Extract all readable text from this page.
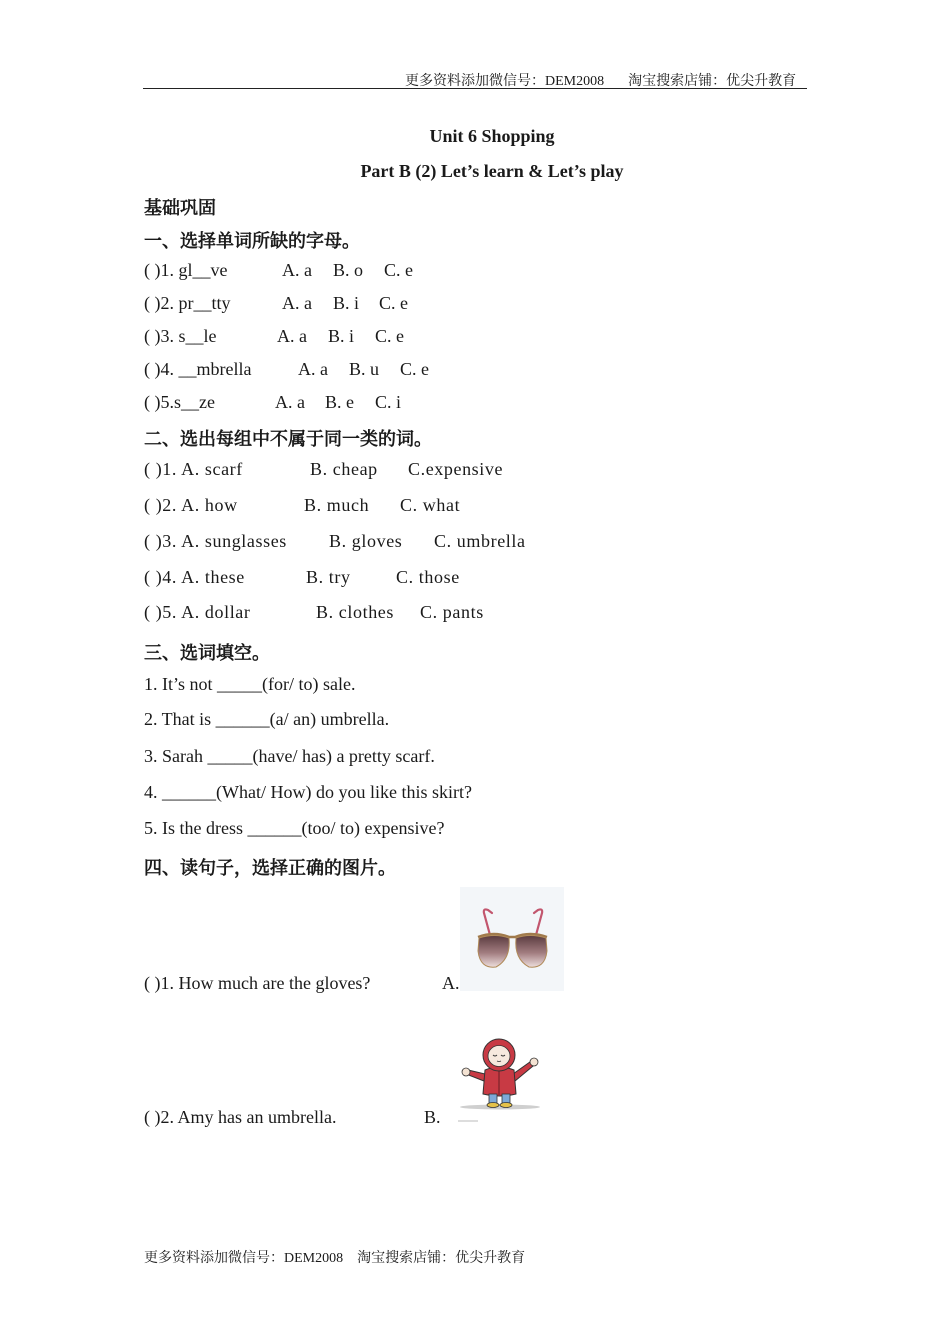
更多资料添加微信号：DEM2008 淘宝搜索店铺：优尖升教育
Unit 6 Shopping
Part B (2) Let’s learn & Let’s play
基础巩固
一、选择单词所缺的字母。
( )1. gl__ve	A. a B. o C. e
( )2. pr__tty	A. a B. i C. e
( )3. s__le	A. a B. i C. e
( )4. __mbrella	A. a B. u C. e
( )5.s__ze	A. a B. e C. i
二、选出每组中不属于同一类的词。
( )1. A. scarf	B. cheap C.expensive
( )2. A. how	B. much C. what
( )3. A. sunglasses B. gloves C. umbrella
( )4. A. these	B. try	C. those
( )5. A. dollar	B. clothes C. pants
三、选词填空。
1. It’s not _____(for/ to) sale.
2. That is ______(a/ an) umbrella.
3. Sarah _____(have/ has) a pretty scarf.
4. ______(What/ How) do you like this skirt?
5. Is the dress ______(too/ to) expensive?
四、读句子，选择正确的图片。
( )1. How much are the gloves?	A.
( )2. Amy has an umbrella.	B.
更多资料添加微信号：DEM2008 淘宝搜索店铺：优尖升教育
